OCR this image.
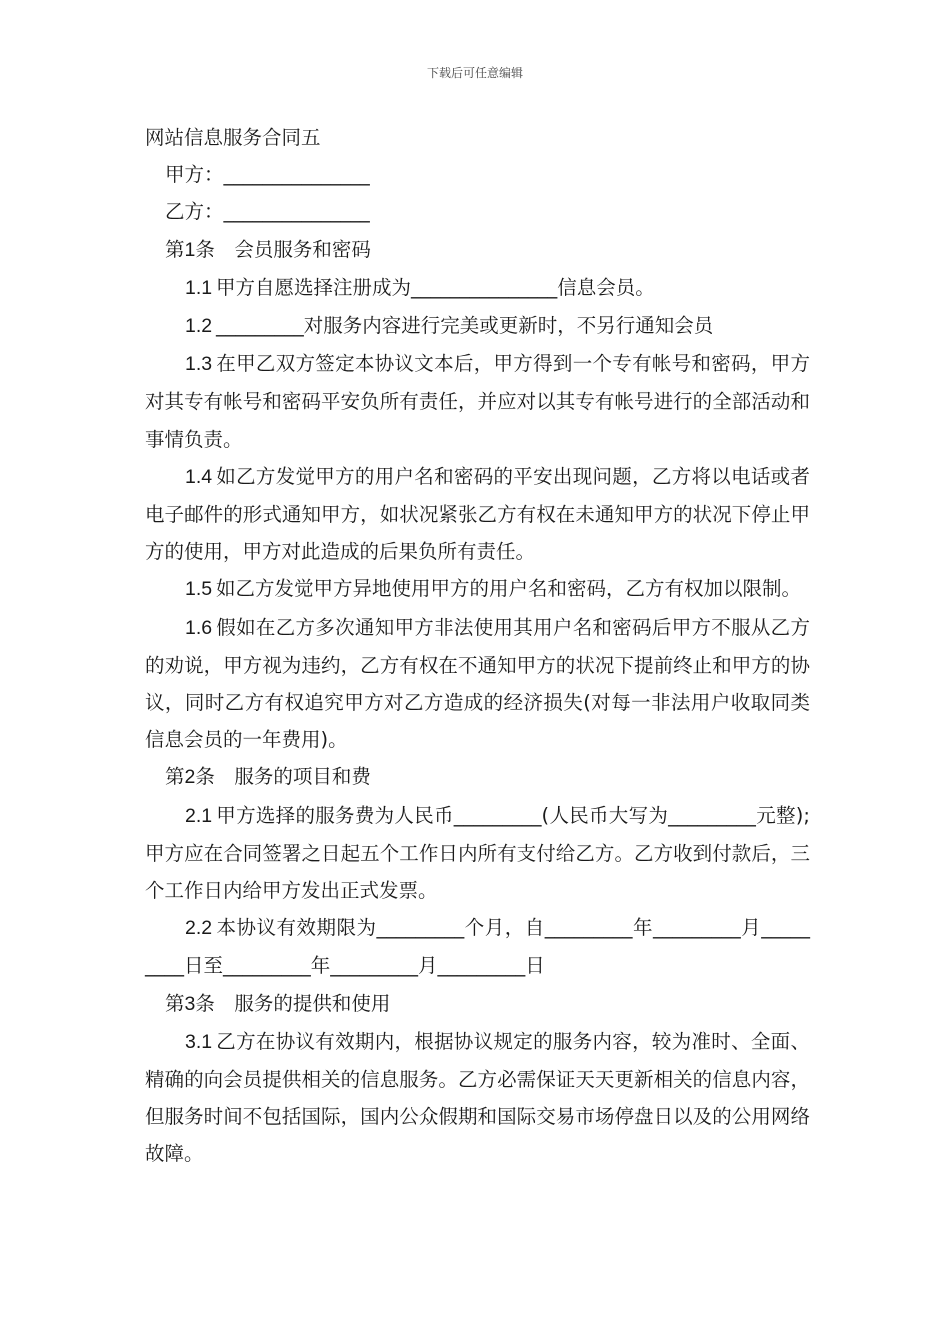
下载后可任意编辑
网站信息服务合同五

甲方：_______________

乙方：_______________

第1条　会员服务和密码

1.1 甲方自愿选择注册成为_______________信息会员。

1.2 _________对服务内容进行完美或更新时，不另行通知会员

1.3 在甲乙双方签定本协议文本后，甲方得到一个专有帐号和密码，甲方对其专有帐号和密码平安负所有责任，并应对以其专有帐号进行的全部活动和事情负责。

1.4 如乙方发觉甲方的用户名和密码的平安出现问题，乙方将以电话或者电子邮件的形式通知甲方，如状况紧张乙方有权在未通知甲方的状况下停止甲方的使用，甲方对此造成的后果负所有责任。

1.5 如乙方发觉甲方异地使用甲方的用户名和密码，乙方有权加以限制。

1.6 假如在乙方多次通知甲方非法使用其用户名和密码后甲方不服从乙方的劝说，甲方视为违约，乙方有权在不通知甲方的状况下提前终止和甲方的协议，同时乙方有权追究甲方对乙方造成的经济损失(对每一非法用户收取同类信息会员的一年费用)。

第2条　服务的项目和费

2.1 甲方选择的服务费为人民币_________(人民币大写为_________元整);甲方应在合同签署之日起五个工作日内所有支付给乙方。乙方收到付款后，三个工作日内给甲方发出正式发票。

2.2 本协议有效期限为_________个月，自_________年_________月_________日至_________年_________月_________日

第3条　服务的提供和使用

3.1 乙方在协议有效期内，根据协议规定的服务内容，较为准时、全面、精确的向会员提供相关的信息服务。乙方必需保证天天更新相关的信息内容，但服务时间不包括国际，国内公众假期和国际交易市场停盘日以及的公用网络故障。
